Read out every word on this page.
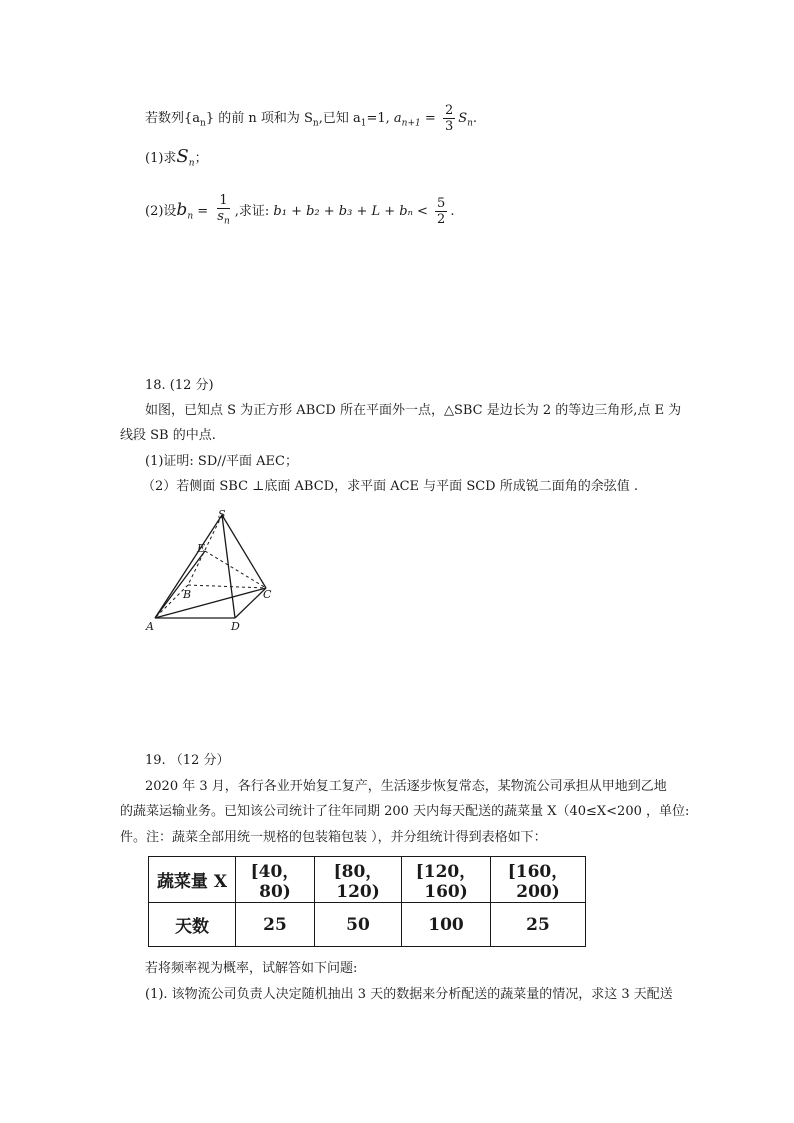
若数列$\{a_n\}$ 的前 n 项和为 $S_n$,已知 $a_1=1$, $a_{n+1} = \frac{2}{3} S_n$.
(1)求$S_n$；
(2)设$b_n = \frac{1}{s_n}$ ,求证: $b_1 + b_2 + b_3 + L + b_n < \frac{5}{2}$ .
18. (12 分)
如图，已知点 S 为正方形 ABCD 所在平面外一点，△SBC 是边长为 2 的等边三角形,点 E 为
线段 SB 的中点.
(1)证明: SD//平面 AEC；
（2）若侧面 SBC ⊥底面 ABCD，求平面 ACE 与平面 SCD 所成锐二面角的余弦值 .
S
E
B	C
A	D
19. （12 分）
2020 年 3 月，各行各业开始复工复产，生活逐步恢复常态，某物流公司承担从甲地到乙地
的蔬菜运输业务。已知该公司统计了往年同期 200 天内每天配送的蔬菜量 X（40≤X<200 ，单位:
件。注：蔬菜全部用统一规格的包装箱包装 ），并分组统计得到表格如下：
蔬菜量 X	[40，80)	[80，120)	[120，160)	[160，200)
天数	25	50	100	25
若将频率视为概率，试解答如下问题:
(1). 该物流公司负责人决定随机抽出 3 天的数据来分析配送的蔬菜量的情况，求这 3 天配送
